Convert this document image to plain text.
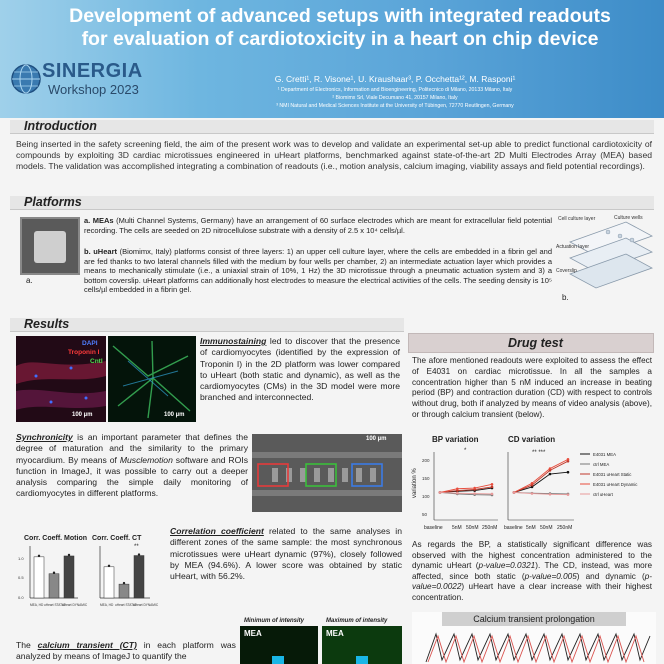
Development of advanced setups with integrated readouts for evaluation of cardiotoxicity in a heart on chip device
SINERGIA
Workshop 2023
G. Cretti¹, R. Visone¹, U. Kraushaar³, P. Occhetta¹², M. Rasponi¹
¹ Department of Electronics, Information and Bioengineering, Politecnico di Milano, 20133 Milano, Italy
² Biomimx Srl, Viale Decumano 41, 20157 Milano, Italy
³ NMI Natural and Medical Sciences Institute at the University of Tübingen, 72770 Reutlingen, Germany
Introduction
Being inserted in the safety screening field, the aim of the present work was to develop and validate an experimental set-up able to predict functional cardiotoxicity of compounds by exploiting 3D cardiac microtissues engineered in uHeart platforms, benchmarked against state-of-the-art 2D Multi Electrodes Array (MEA) based models. The validation was accomplished integrating a combination of readouts (i.e., motion analysis, calcium imaging, viability assays and field potential recordings).
Platforms
a.
a. MEAs (Multi Channel Systems, Germany) have an arrangement of 60 surface electrodes which are meant for extracellular field potential recording. The cells are seeded on 2D nitrocellulose substrate with a density of 2.5 x 10⁴ cells/µl.
b. uHeart (Biomimx, Italy) platforms consist of three layers: 1) an upper cell culture layer, where the cells are embedded in a fibrin gel and are fed thanks to two lateral channels filled with the medium by four wells per chamber, 2) an intermediate actuation layer which provides a means to mechanically stimulate (i.e., a uniaxial strain of 10%, 1 Hz) the 3D microtissue through a pneumatic actuation system and 3) a bottom coverslip. uHeart platforms can additionally host electrodes to measure the electrical activities of the cells. The seeding density is 10⁵ cells/µl embedded in a fibrin gel.
Cell culture layer	Culture wells
Actuation layer
Coverslip
b.
Results
DAPI
Troponin I
Cntl
100 µm	100 µm
Immunostaining led to discover that the presence of cardiomyocytes (identified by the expression of Troponin I) in the 2D platform was lower compared to uHeart (both static and dynamic), as well as the cardiomyocytes (CMs) in the 3D model were more branched and interconnected.
Synchronicity is an important parameter that defines the degree of maturation and the similarity to the primary myocardium. By means of Musclemotion software and ROIs function in ImageJ, it was possible to carry out a deeper analysis comparing the simple daily monitoring of cardiomyocytes in different platforms.
100 µm
Corr. Coeff. Motion
1.0
0.5
0.0
MEA, HD uHeart STATIC
uHeart DYNAMIC
Corr. Coeff. CT
**
MEA, HD uHeart STATIC
uHeart DYNAMIC
Correlation coefficient related to the same analyses in different zones of the same sample: the most synchronous microtissues were uHeart dynamic (97%), closely followed by MEA (94.6%). A lower score was obtained by static uHeart, with 56.2%.
Minimum of intensity	Maximum of intensity
MEA	MEA
The calcium transient (CT) in each platform was analyzed by means of ImageJ to quantify the
Drug test
The afore mentioned readouts were exploited to assess the effect of E4031 on cardiac microtissue. In all the samples a concentration higher than 5 nM induced an increase in beating period (BP) and contraction duration (CD) with respect to controls without drug, both if analyzed by means of video analysis (above), or through calcium transient (below).
BP variation	CD variation
variation %
200
150
100
50
*	** ***
baseline 5nM 50nM 250nM baseline 5nM 50nM 250nM
E4031 MEA
ctrl MEA
E4031 uHeart Static
E4031 uHeart Dynamic
ctrl uHeart
As regards the BP, a statistically significant difference was observed with the highest concentration administered to the dynamic uHeart (p-value=0.0321). The CD, instead, was more affected, since both static (p-value=0.005) and dynamic (p-value=0.0022) uHeart have a clear increase with their highest concentration.
Calcium transient prolongation
